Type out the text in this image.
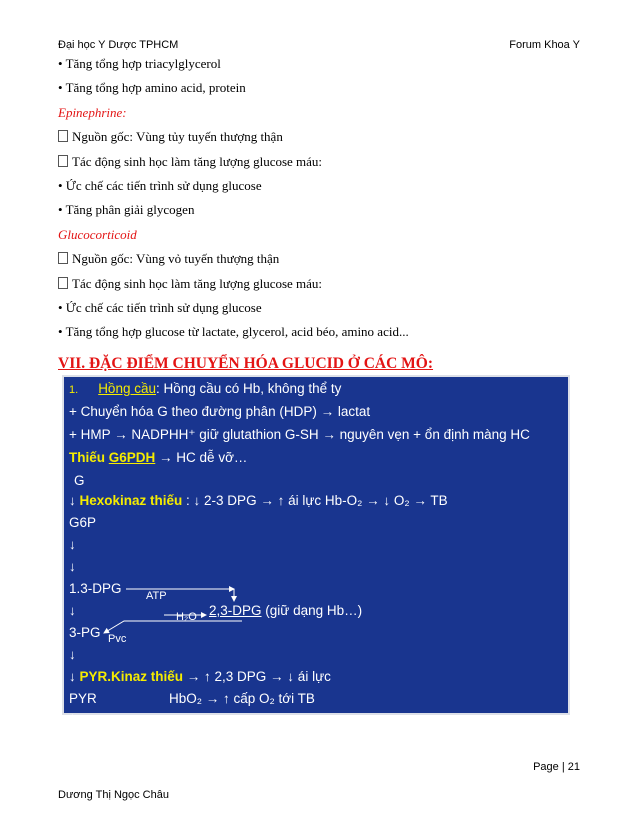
Đại học Y Dược TPHCM	Forum Khoa Y
• Tăng tổng hợp triacylglycerol
• Tăng tổng hợp amino acid, protein
Epinephrine:
Nguồn gốc: Vùng tủy tuyến thượng thận
Tác động sinh học làm tăng lượng glucose máu:
• Ức chế các tiến trình sử dụng glucose
• Tăng phân giải glycogen
Glucocorticoid
Nguồn gốc: Vùng vỏ tuyến thượng thận
Tác động sinh học làm tăng lượng glucose máu:
• Ức chế các tiến trình sử dụng glucose
• Tăng tổng hợp glucose từ lactate, glycerol, acid béo, amino acid...
VII. ĐẶC ĐIỂM CHUYỂN HÓA GLUCID Ở CÁC MÔ:
1. Hồng cầu: Hồng cầu có Hb, không thể ty
+ Chuyển hóa G theo đường phân (HDP) → lactat
+ HMP → NADPHH⁺ giữ glutathion G-SH → nguyên vẹn + ổn định màng HC
Thiếu G6PDH → HC dễ vỡ…
G
↓ Hexokinaz thiếu : ↓ 2-3 DPG → ↑ ái lực Hb-O₂ → ↓ O₂ → TB
G6P
↓
↓
1.3-DPG ATP
↓	2,3-DPG (giữ dạng Hb…)
H₂O
3-PG Pvc
↓
↓ PYR.Kinaz thiếu → ↑ 2,3 DPG → ↓ ái lực
PYR	HbO₂ → ↑ cấp O₂ tới TB
↓
Page | 21
Dương Thị Ngọc Châu
